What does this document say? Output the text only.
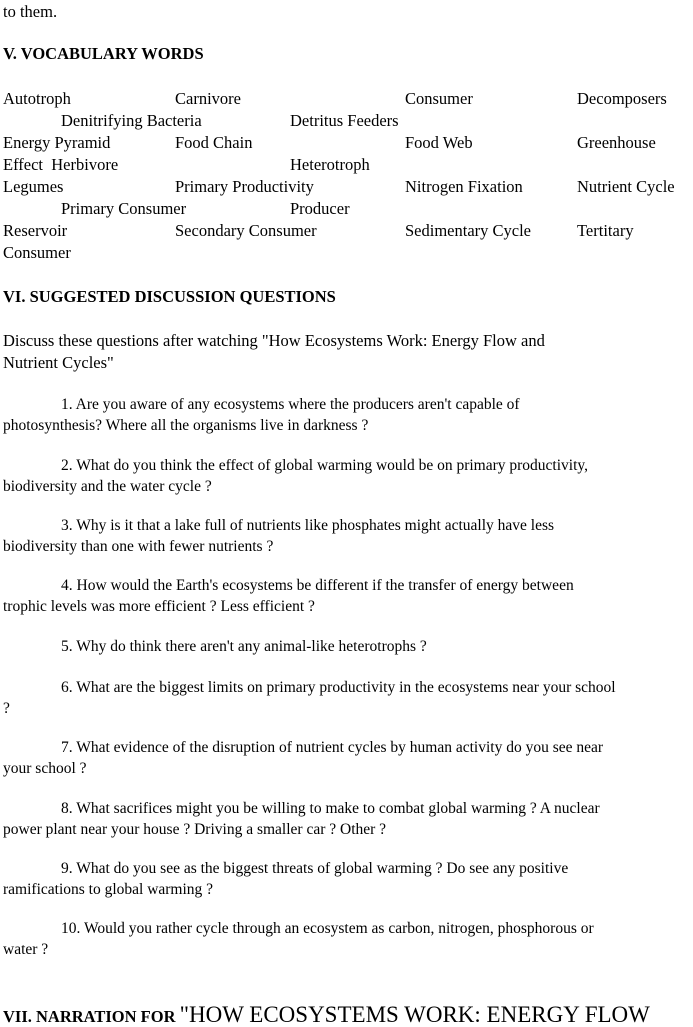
to them.
V. VOCABULARY WORDS
Autotroph	Carnivore	Consumer	Decomposers
Denitrifying Bacteria	Detritus Feeders
Energy Pyramid	Food Chain	Food Web	Greenhouse
Effect  Herbivore	Heterotroph
Legumes	Primary Productivity	Nitrogen Fixation	Nutrient Cycle
Primary Consumer	Producer
Reservoir	Secondary Consumer	Sedimentary Cycle	Tertitary
Consumer
VI. SUGGESTED DISCUSSION QUESTIONS
Discuss these questions after watching "How Ecosystems Work: Energy Flow and
Nutrient Cycles"
1. Are you aware of any ecosystems where the producers aren't capable of
photosynthesis? Where all the organisms live in darkness ?
2. What do you think the effect of global warming would be on primary productivity,
biodiversity and the water cycle ?
3. Why is it that a lake full of nutrients like phosphates might actually have less
biodiversity than one with fewer nutrients ?
4. How would the Earth's ecosystems be different if the transfer of energy between
trophic levels was more efficient ? Less efficient ?
5. Why do think there aren't any animal-like heterotrophs ?
6. What are the biggest limits on primary productivity in the ecosystems near your school
?
7. What evidence of the disruption of nutrient cycles by human activity do you see near
your school ?
8. What sacrifices might you be willing to make to combat global warming ? A nuclear
power plant near your house ? Driving a smaller car ? Other ?
9. What do you see as the biggest threats of global warming ? Do see any positive
ramifications to global warming ?
10. Would you rather cycle through an ecosystem as carbon, nitrogen, phosphorous or
water ?
VII. NARRATION FOR "HOW ECOSYSTEMS WORK: ENERGY FLOW
